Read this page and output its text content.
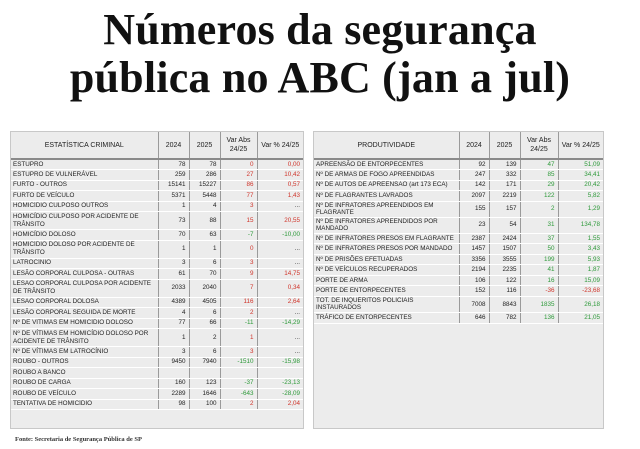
Números da segurança
pública no ABC (jan a jul)
ESTATÍSTICA CRIMINAL	2024	2025	Var Abs 24/25	Var % 24/25
ESTUPRO	78	78	0	0,00
ESTUPRO DE VULNERÁVEL	259	286	27	10,42
FURTO - OUTROS	15141	15227	86	0,57
FURTO DE VEÍCULO	5371	5448	77	1,43
HOMICÍDIO CULPOSO OUTROS	1	4	3	...
HOMICÍDIO CULPOSO POR ACIDENTE DE TRÂNSITO	73	88	15	20,55
HOMICÍDIO DOLOSO	70	63	-7	-10,00
HOMICÍDIO DOLOSO POR ACIDENTE DE TRÂNSITO	1	1	0	...
LATROCÍNIO	3	6	3	...
LESÃO CORPORAL CULPOSA - OUTRAS	61	70	9	14,75
LESÃO CORPORAL CULPOSA POR ACIDENTE DE TRÂNSITO	2033	2040	7	0,34
LESÃO CORPORAL DOLOSA	4389	4505	116	2,64
LESÃO CORPORAL SEGUIDA DE MORTE	4	6	2	...
Nº DE VÍTIMAS EM HOMICÍDIO DOLOSO	77	66	-11	-14,29
Nº DE VÍTIMAS EM HOMICÍDIO DOLOSO POR ACIDENTE DE TRÂNSITO	1	2	1	...
Nº DE VÍTIMAS EM LATROCÍNIO	3	6	3	...
ROUBO - OUTROS	9450	7940	-1510	-15,98
ROUBO A BANCO				
ROUBO DE CARGA	160	123	-37	-23,13
ROUBO DE VEÍCULO	2289	1646	-643	-28,09
TENTATIVA DE HOMICÍDIO	98	100	2	2,04
PRODUTIVIDADE	2024	2025	Var Abs 24/25	Var % 24/25
APREENSÃO DE ENTORPECENTES	92	139	47	51,09
Nº DE ARMAS DE FOGO APREENDIDAS	247	332	85	34,41
Nº DE AUTOS DE APREENSÃO (art 173 ECA)	142	171	29	20,42
Nº DE FLAGRANTES LAVRADOS	2097	2219	122	5,82
Nº DE INFRATORES APREENDIDOS EM FLAGRANTE	155	157	2	1,29
Nº DE INFRATORES APREENDIDOS POR MANDADO	23	54	31	134,78
Nº DE INFRATORES PRESOS EM FLAGRANTE	2387	2424	37	1,55
Nº DE INFRATORES PRESOS POR MANDADO	1457	1507	50	3,43
Nº DE PRISÕES EFETUADAS	3356	3555	199	5,93
Nº DE VEÍCULOS RECUPERADOS	2194	2235	41	1,87
PORTE DE ARMA	106	122	16	15,09
PORTE DE ENTORPECENTES	152	116	-36	-23,68
TOT. DE INQUÉRITOS POLICIAIS INSTAURADOS	7008	8843	1835	26,18
TRÁFICO DE ENTORPECENTES	646	782	136	21,05
Fonte: Secretaria de Segurança Pública de SP
